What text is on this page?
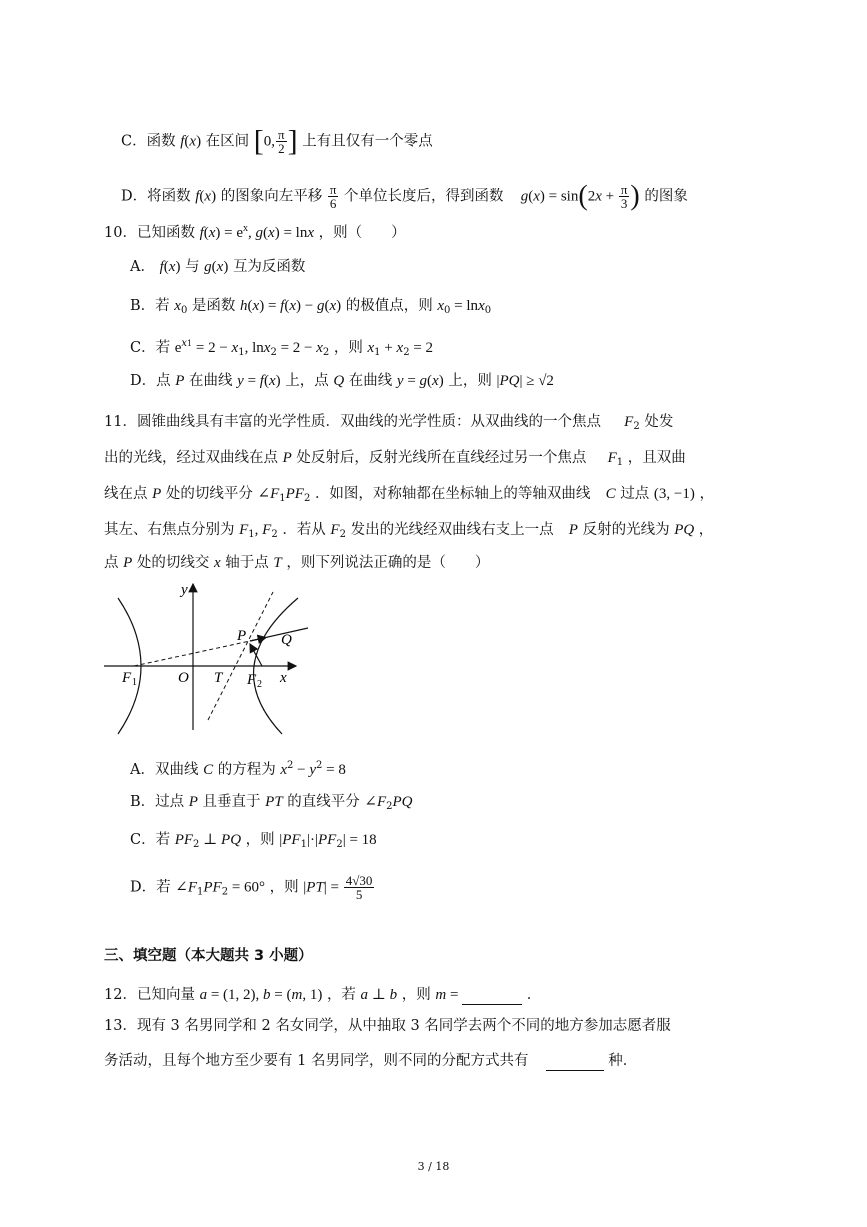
C．函数 f(x) 在区间 [0, $\frac{\pi}{2}$ ] 上有且仅有一个零点
D．将函数 f(x) 的图象向左平移 $\frac{\pi}{6}$ 个单位长度后，得到函数 $g(x) = \sin(2x + \frac{\pi}{3}$ ) 的图象
10．已知函数 $f(x) = e^x$, g(x) = lnx ，则（　　）
A． f(x) 与 g(x) 互为反函数
B．若 $x_0$ 是函数 h(x) = f(x) − g(x) 的极值点，则 $x_0 = \ln x_0$
C．若 $e^{x1} = 2 - x_1$, $\ln x_2 = 2 - x_2$ ，则 $x_1 + x_2 = 2$
D．点 P 在曲线 y = f(x) 上，点 Q 在曲线 y = g(x) 上，则 |PQ| ≥ √2
11．圆锥曲线具有丰富的光学性质．双曲线的光学性质：从双曲线的一个焦点 $F_2$ 处发
出的光线，经过双曲线在点 P 处反射后，反射光线所在直线经过另一个焦点 $F_1$ ，且双曲
线在点 P 处的切线平分 $\angle F_1PF_2$ ．如图，对称轴都在坐标轴上的等轴双曲线 C 过点 (3, −1) ，
其左、右焦点分别为 $F_1$, $F_2$ ．若从 $F_2$ 发出的光线经双曲线右支上一点 P 反射的光线为 PQ ，
点 P 处的切线交 x 轴于点 T ，则下列说法正确的是（　　）
y
x
O T
P Q
F 1	F 2
A．双曲线 C 的方程为 $x^2 - y^2 = 8$
B．过点 P 且垂直于 PT 的直线平分 $\angle F_2PQ$
C．若 $PF_2$ ⊥ PQ ，则 $|PF_1|\cdot|PF_2| = 18$
D．若 $\angle F_1PF_2 = 60^\circ$ ，则 $|PT| = \frac{4√30}{5}$
三、填空题（本大题共 3 小题）
12．已知向量 a = (1, 2), b = (m, 1) ，若 a ⊥ b ，则 m =	．
13．现有 3 名男同学和 2 名女同学，从中抽取 3 名同学去两个不同的地方参加志愿者服
务活动，且每个地方至少要有 1 名男同学，则不同的分配方式共有	种．
3 / 18
